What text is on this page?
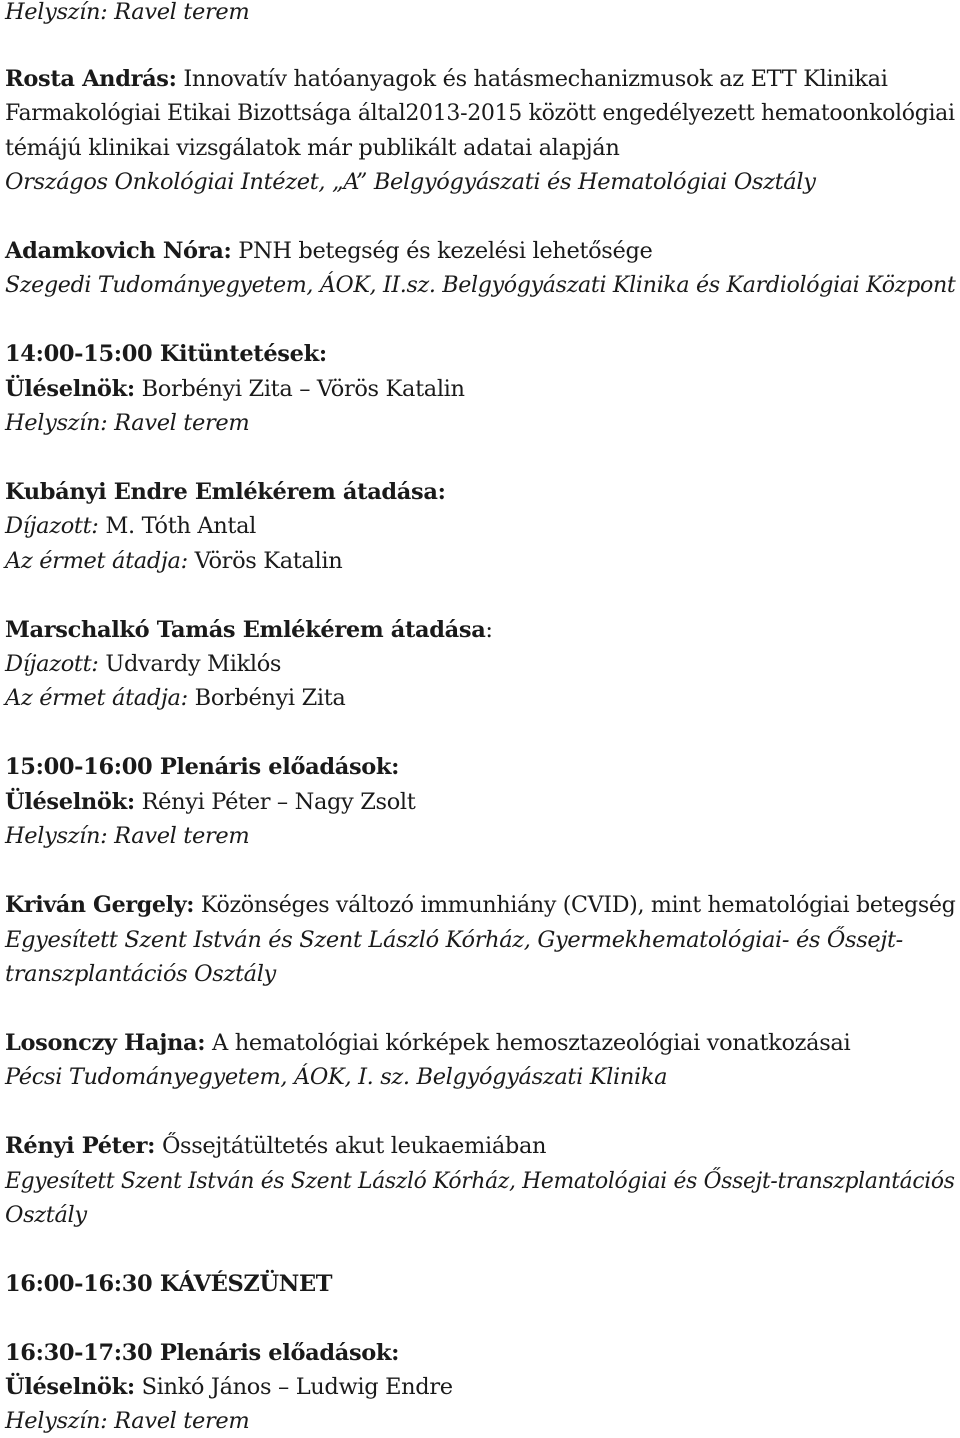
Helyszín: Ravel terem

Rosta András: Innovatív hatóanyagok és hatásmechanizmusok az ETT Klinikai

Farmakológiai Etikai Bizottsága által2013-2015 között engedélyezett hematoonkológiai

témájú klinikai vizsgálatok már publikált adatai alapján

Országos Onkológiai Intézet, „A” Belgyógyászati és Hematológiai Osztály

Adamkovich Nóra: PNH betegség és kezelési lehetősége

Szegedi Tudományegyetem, ÁOK, II.sz. Belgyógyászati Klinika és Kardiológiai Központ

14:00-15:00 Kitüntetések:

Üléselnök: Borbényi Zita – Vörös Katalin

Helyszín: Ravel terem

Kubányi Endre Emlékérem átadása:

Díjazott: M. Tóth Antal

Az érmet átadja: Vörös Katalin

Marschalkó Tamás Emlékérem átadása:

Díjazott: Udvardy Miklós

Az érmet átadja: Borbényi Zita

15:00-16:00 Plenáris előadások:

Üléselnök: Rényi Péter – Nagy Zsolt

Helyszín: Ravel terem

Kriván Gergely: Közönséges változó immunhiány (CVID), mint hematológiai betegség

Egyesített Szent István és Szent László Kórház, Gyermekhematológiai- és Őssejt-

transzplantációs Osztály

Losonczy Hajna: A hematológiai kórképek hemosztazeológiai vonatkozásai

Pécsi Tudományegyetem, ÁOK, I. sz. Belgyógyászati Klinika

Rényi Péter: Őssejtátültetés akut leukaemiában

Egyesített Szent István és Szent László Kórház, Hematológiai és Őssejt-transzplantációs

Osztály

16:00-16:30 KÁVÉSZÜNET

16:30-17:30 Plenáris előadások:

Üléselnök: Sinkó János – Ludwig Endre

Helyszín: Ravel terem
